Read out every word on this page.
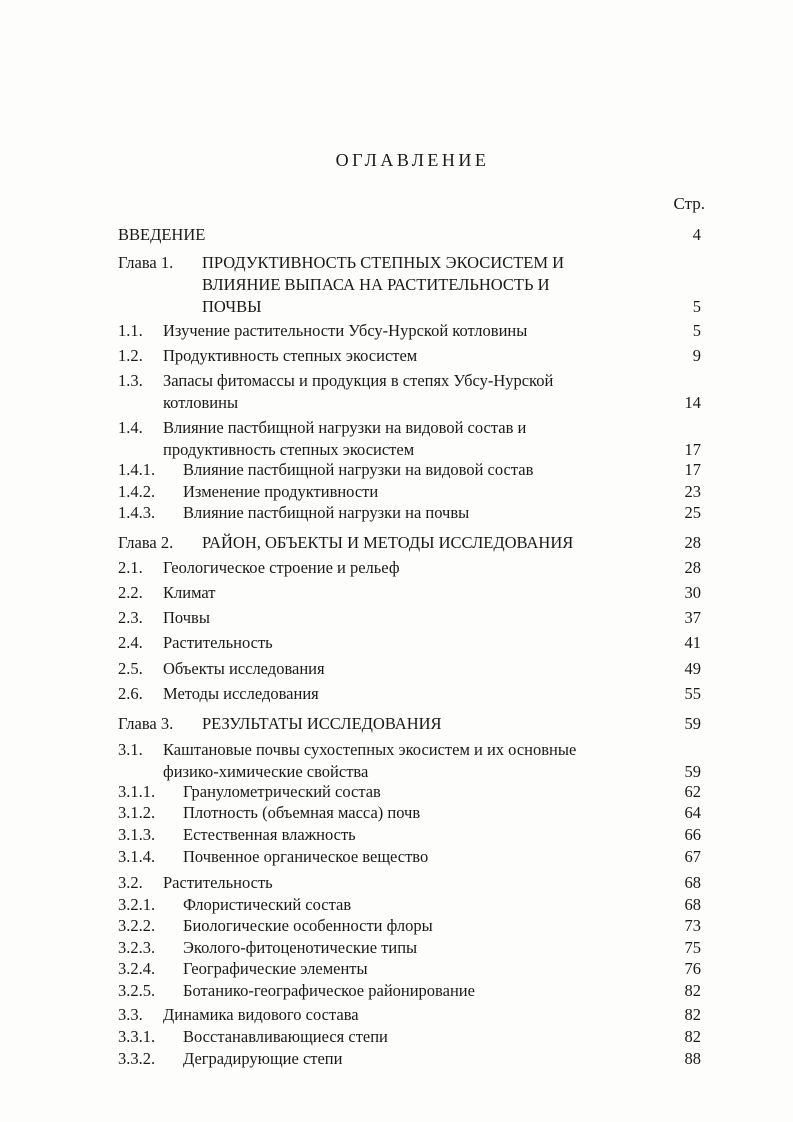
ОГЛАВЛЕНИЕ
Стр.
ВВЕДЕНИЕ	4
Глава 1. ПРОДУКТИВНОСТЬ СТЕПНЫХ ЭКОСИСТЕМ И
ВЛИЯНИЕ ВЫПАСА НА РАСТИТЕЛЬНОСТЬ И
ПОЧВЫ	5
1.1. Изучение растительности Убсу-Нурской котловины	5
1.2. Продуктивность степных экосистем	9
1.3. Запасы фитомассы и продукция в степях Убсу-Нурской
котловины	14
1.4. Влияние пастбищной нагрузки на видовой состав и
продуктивность степных экосистем	17
1.4.1. Влияние пастбищной нагрузки на видовой состав	17
1.4.2. Изменение продуктивности	23
1.4.3. Влияние пастбищной нагрузки на почвы	25
Глава 2. РАЙОН, ОБЪЕКТЫ И МЕТОДЫ ИССЛЕДОВАНИЯ	28
2.1. Геологическое строение и рельеф	28
2.2. Климат	30
2.3. Почвы	37
2.4. Растительность	41
2.5. Объекты исследования	49
2.6. Методы исследования	55
Глава 3. РЕЗУЛЬТАТЫ ИССЛЕДОВАНИЯ	59
3.1. Каштановые почвы сухостепных экосистем и их основные
физико-химические свойства	59
3.1.1. Гранулометрический состав	62
3.1.2. Плотность (объемная масса) почв	64
3.1.3. Естественная влажность	66
3.1.4. Почвенное органическое вещество	67
3.2. Растительность	68
3.2.1. Флористический состав	68
3.2.2. Биологические особенности флоры	73
3.2.3. Эколого-фитоценотические типы	75
3.2.4. Географические элементы	76
3.2.5. Ботанико-географическое районирование	82
3.3. Динамика видового состава	82
3.3.1. Восстанавливающиеся степи	82
3.3.2. Деградирующие степи	88
